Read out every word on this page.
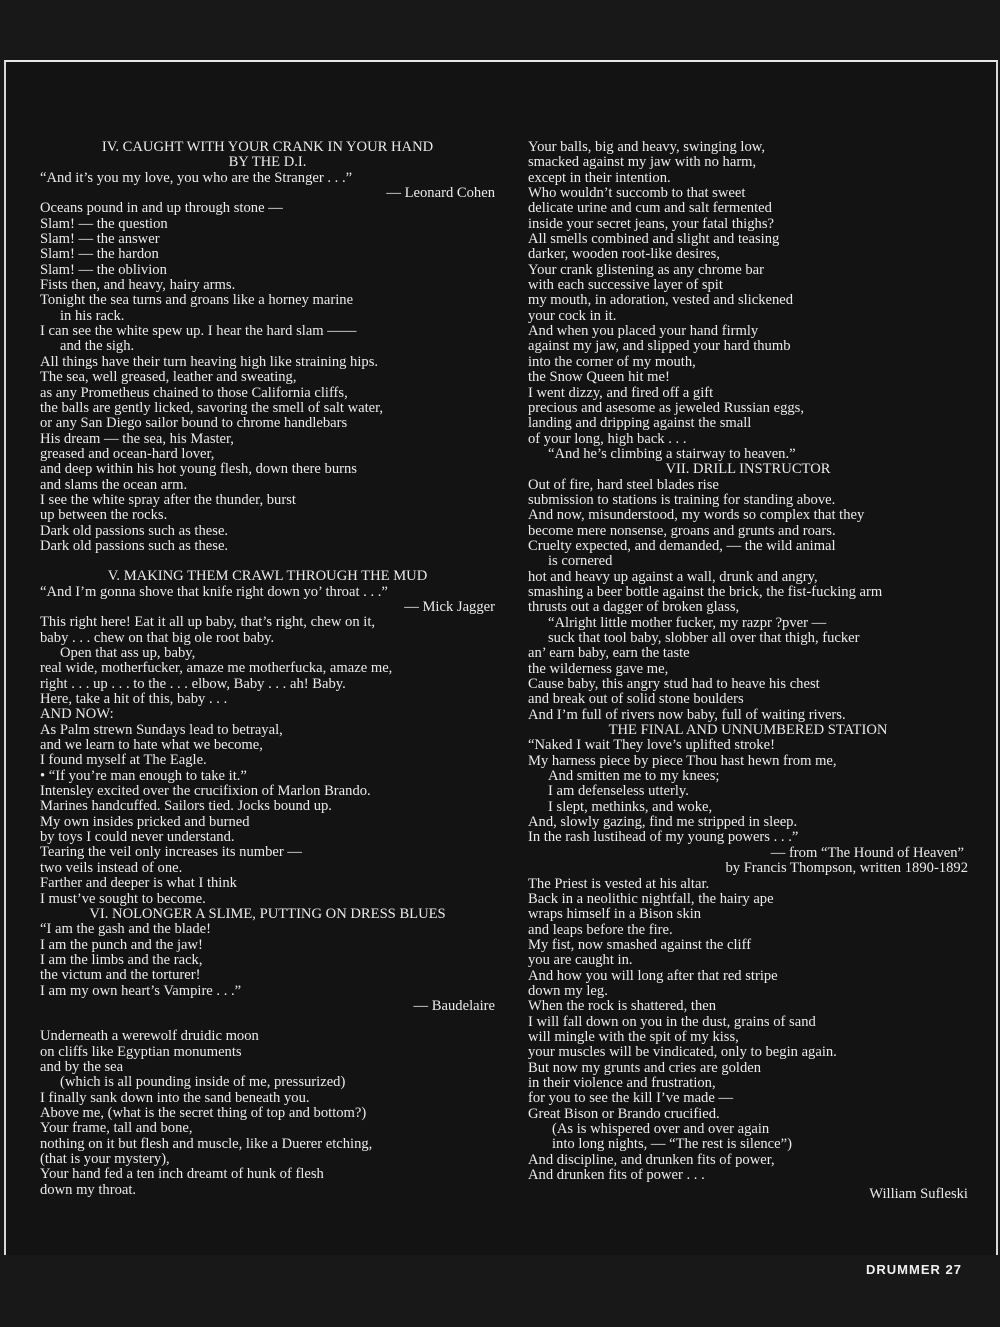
IV. CAUGHT WITH YOUR CRANK IN YOUR HAND
BY THE D.I.
“And it’s you my love, you who are the Stranger . . .”
— Leonard Cohen
Oceans pound in and up through stone —
Slam! — the question
Slam! — the answer
Slam! — the hardon
Slam! — the oblivion
Fists then, and heavy, hairy arms.
Tonight the sea turns and groans like a horney marine
in his rack.
I can see the white spew up. I hear the hard slam ——
and the sigh.
All things have their turn heaving high like straining hips.
The sea, well greased, leather and sweating,
as any Prometheus chained to those California cliffs,
the balls are gently licked, savoring the smell of salt water,
or any San Diego sailor bound to chrome handlebars
His dream — the sea, his Master,
greased and ocean-hard lover,
and deep within his hot young flesh, down there burns
and slams the ocean arm.
I see the white spray after the thunder, burst
up between the rocks.
Dark old passions such as these.
Dark old passions such as these.
V. MAKING THEM CRAWL THROUGH THE MUD
“And I’m gonna shove that knife right down yo’ throat . . .”
— Mick Jagger
This right here! Eat it all up baby, that’s right, chew on it,
baby . . . chew on that big ole root baby.
Open that ass up, baby,
real wide, motherfucker, amaze me motherfucka, amaze me,
right . . . up . . . to the . . . elbow, Baby . . . ah! Baby.
Here, take a hit of this, baby . . .
AND NOW:
As Palm strewn Sundays lead to betrayal,
and we learn to hate what we become,
I found myself at The Eagle.
• “If you’re man enough to take it.”
Intensley excited over the crucifixion of Marlon Brando.
Marines handcuffed. Sailors tied. Jocks bound up.
My own insides pricked and burned
by toys I could never understand.
Tearing the veil only increases its number —
two veils instead of one.
Farther and deeper is what I think
I must’ve sought to become.
VI. NOLONGER A SLIME, PUTTING ON DRESS BLUES
“I am the gash and the blade!
I am the punch and the jaw!
I am the limbs and the rack,
the victum and the torturer!
I am my own heart’s Vampire . . .”
— Baudelaire
Underneath a werewolf druidic moon
on cliffs like Egyptian monuments
and by the sea
(which is all pounding inside of me, pressurized)
I finally sank down into the sand beneath you.
Above me, (what is the secret thing of top and bottom?)
Your frame, tall and bone,
nothing on it but flesh and muscle, like a Duerer etching,
(that is your mystery),
Your hand fed a ten inch dreamt of hunk of flesh
down my throat.
Your balls, big and heavy, swinging low,
smacked against my jaw with no harm,
except in their intention.
Who wouldn’t succomb to that sweet
delicate urine and cum and salt fermented
inside your secret jeans, your fatal thighs?
All smells combined and slight and teasing
darker, wooden root-like desires,
Your crank glistening as any chrome bar
with each successive layer of spit
my mouth, in adoration, vested and slickened
your cock in it.
And when you placed your hand firmly
against my jaw, and slipped your hard thumb
into the corner of my mouth,
the Snow Queen hit me!
I went dizzy, and fired off a gift
precious and asesome as jeweled Russian eggs,
landing and dripping against the small
of your long, high back . . .
“And he’s climbing a stairway to heaven.”
VII. DRILL INSTRUCTOR
Out of fire, hard steel blades rise
submission to stations is training for standing above.
And now, misunderstood, my words so complex that they
become mere nonsense, groans and grunts and roars.
Cruelty expected, and demanded, — the wild animal
is cornered
hot and heavy up against a wall, drunk and angry,
smashing a beer bottle against the brick, the fist-fucking arm
thrusts out a dagger of broken glass,
“Alright little mother fucker, my razpr ?pver —
suck that tool baby, slobber all over that thigh, fucker
an’ earn baby, earn the taste
the wilderness gave me,
Cause baby, this angry stud had to heave his chest
and break out of solid stone boulders
And I’m full of rivers now baby, full of waiting rivers.
THE FINAL AND UNNUMBERED STATION
“Naked I wait They love’s uplifted stroke!
My harness piece by piece Thou hast hewn from me,
And smitten me to my knees;
I am defenseless utterly.
I slept, methinks, and woke,
And, slowly gazing, find me stripped in sleep.
In the rash lustihead of my young powers . . .”
— from “The Hound of Heaven”
by Francis Thompson, written 1890-1892
The Priest is vested at his altar.
Back in a neolithic nightfall, the hairy ape
wraps himself in a Bison skin
and leaps before the fire.
My fist, now smashed against the cliff
you are caught in.
And how you will long after that red stripe
down my leg.
When the rock is shattered, then
I will fall down on you in the dust, grains of sand
will mingle with the spit of my kiss,
your muscles will be vindicated, only to begin again.
But now my grunts and cries are golden
in their violence and frustration,
for you to see the kill I’ve made —
Great Bison or Brando crucified.
(As is whispered over and over again
into long nights, — “The rest is silence”)
And discipline, and drunken fits of power,
And drunken fits of power . . .
William Sufleski
DRUMMER 27
